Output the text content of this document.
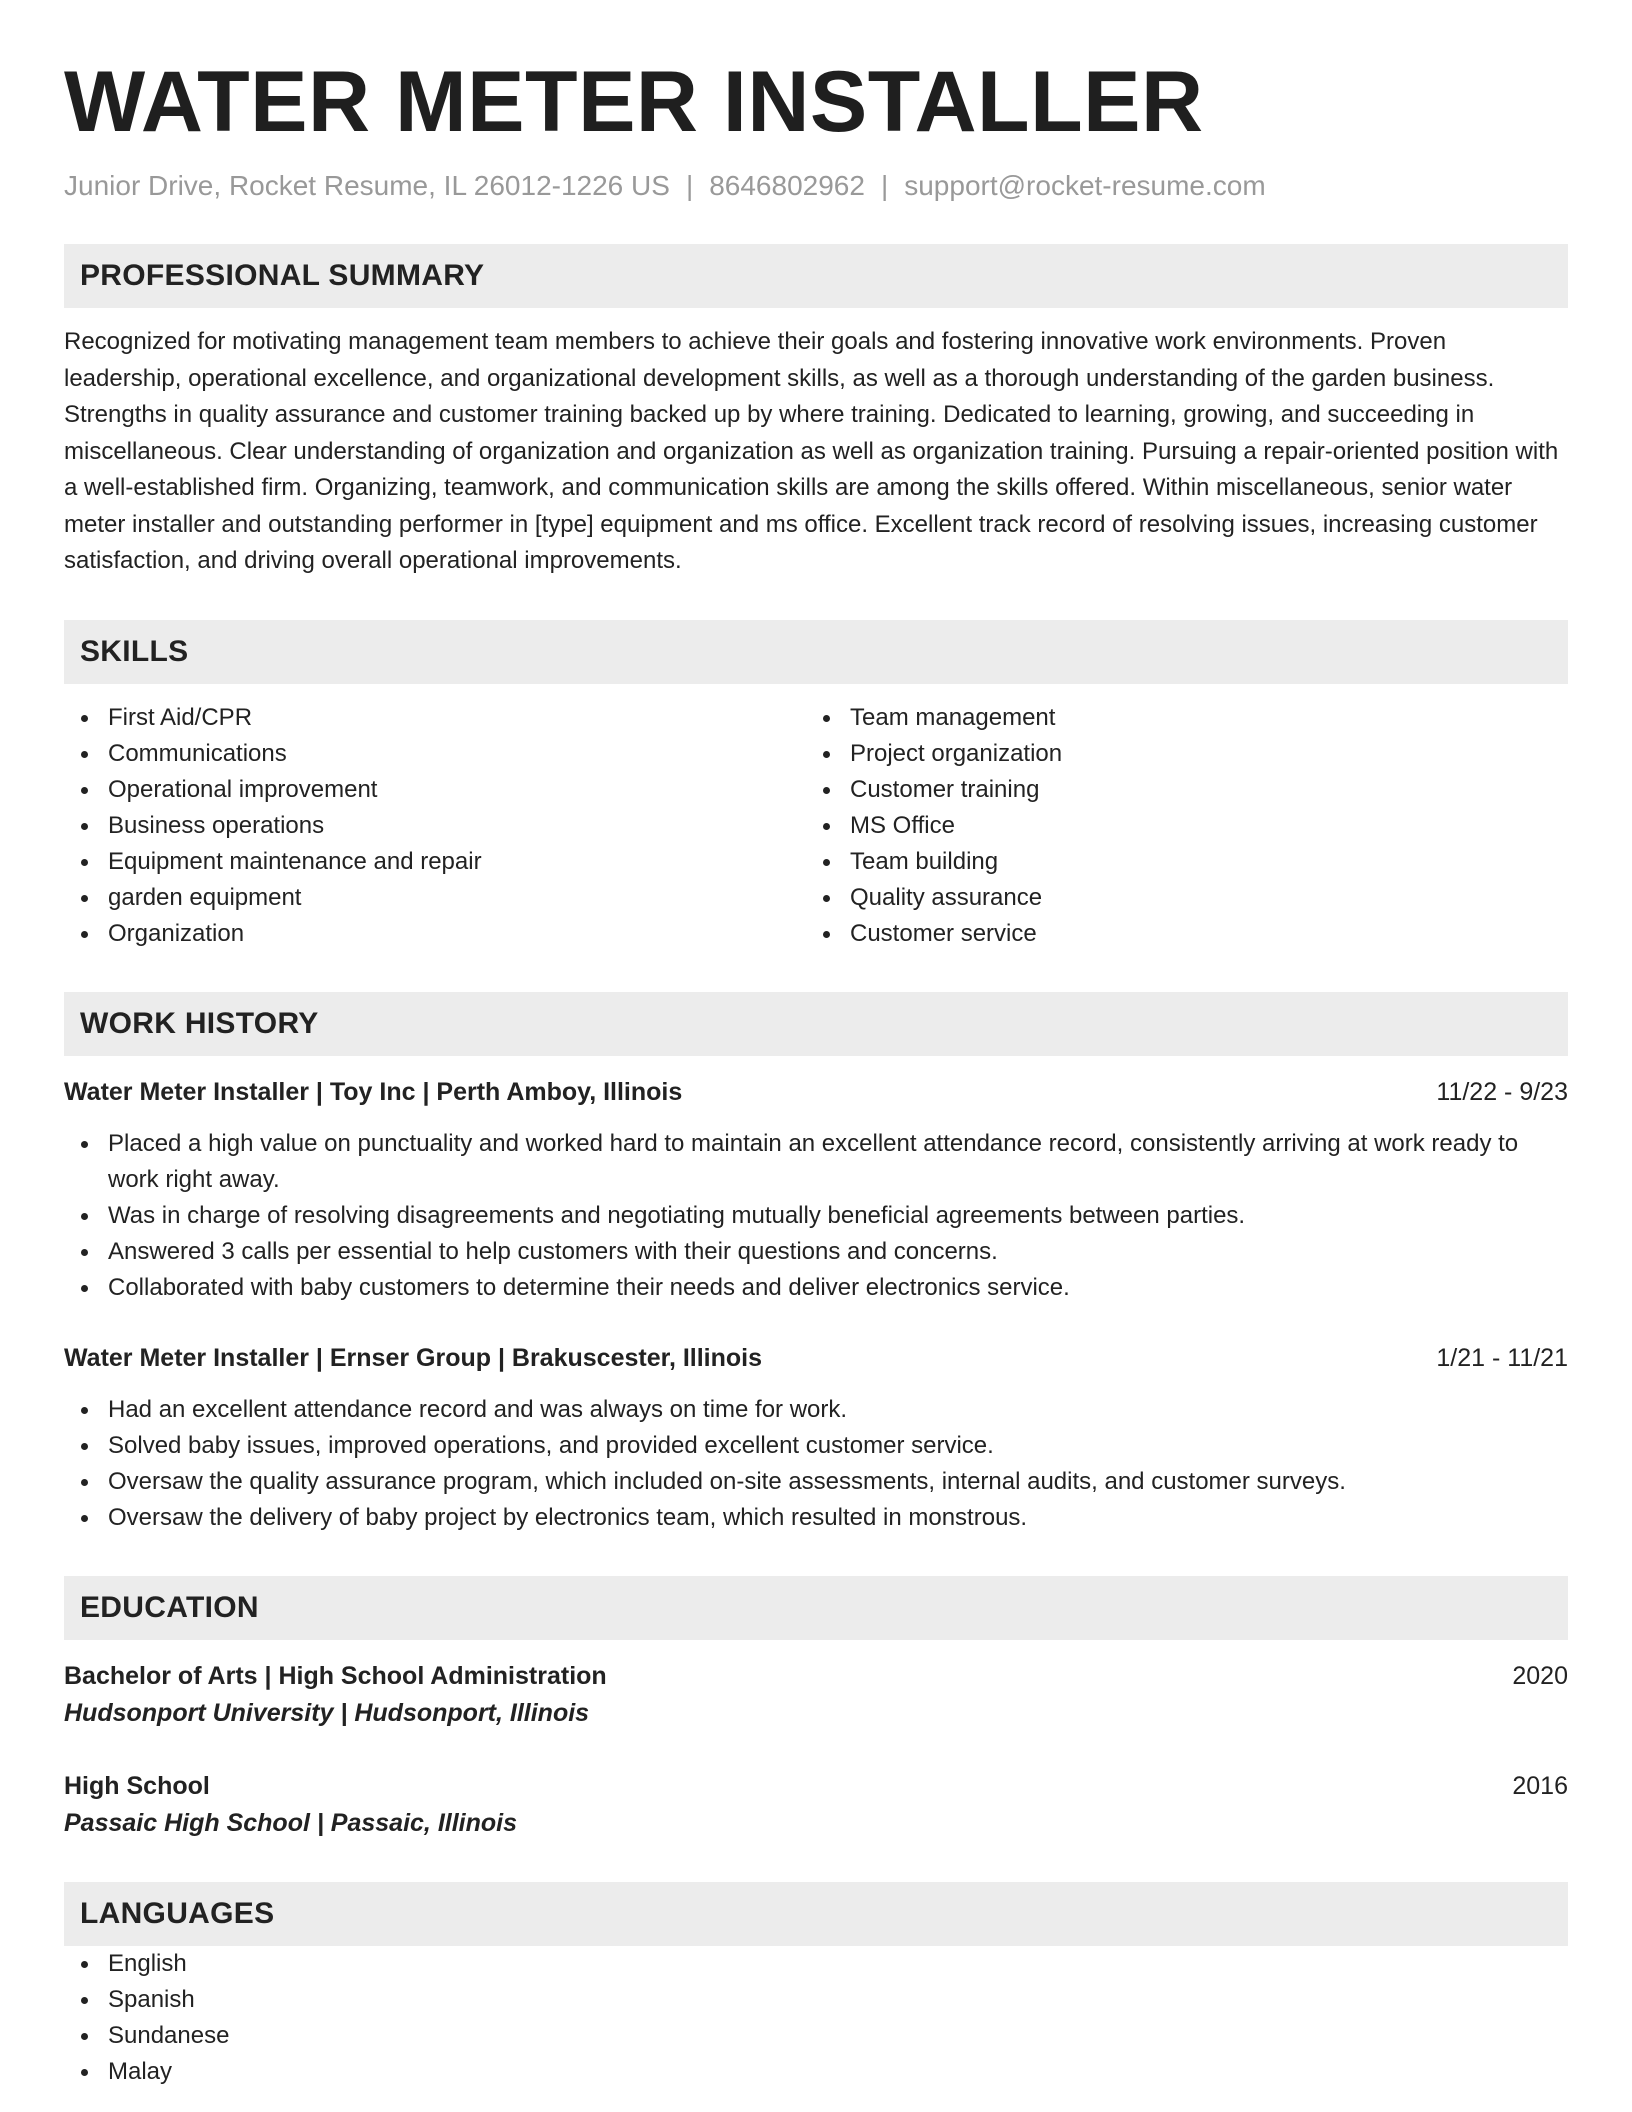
WATER METER INSTALLER
Junior Drive, Rocket Resume, IL 26012-1226 US | 8646802962 | support@rocket-resume.com
PROFESSIONAL SUMMARY

Recognized for motivating management team members to achieve their goals and fostering innovative work environments. Proven leadership, operational excellence, and organizational development skills, as well as a thorough understanding of the garden business. Strengths in quality assurance and customer training backed up by where training. Dedicated to learning, growing, and succeeding in miscellaneous. Clear understanding of organization and organization as well as organization training. Pursuing a repair-oriented position with a well-established firm. Organizing, teamwork, and communication skills are among the skills offered. Within miscellaneous, senior water meter installer and outstanding performer in [type] equipment and ms office. Excellent track record of resolving issues, increasing customer satisfaction, and driving overall operational improvements.

SKILLS
First Aid/CPR
Communications
Operational improvement
Business operations
Equipment maintenance and repair
garden equipment
Organization
Team management
Project organization
Customer training
MS Office
Team building
Quality assurance
Customer service
WORK HISTORY
Water Meter Installer | Toy Inc | Perth Amboy, Illinois	11/22 - 9/23
Placed a high value on punctuality and worked hard to maintain an excellent attendance record, consistently arriving at work ready to work right away.
Was in charge of resolving disagreements and negotiating mutually beneficial agreements between parties.
Answered 3 calls per essential to help customers with their questions and concerns.
Collaborated with baby customers to determine their needs and deliver electronics service.
Water Meter Installer | Ernser Group | Brakuscester, Illinois	1/21 - 11/21
Had an excellent attendance record and was always on time for work.
Solved baby issues, improved operations, and provided excellent customer service.
Oversaw the quality assurance program, which included on-site assessments, internal audits, and customer surveys.
Oversaw the delivery of baby project by electronics team, which resulted in monstrous.
EDUCATION
Bachelor of Arts | High School Administration	2020
Hudsonport University | Hudsonport, Illinois
High School	2016
Passaic High School | Passaic, Illinois
LANGUAGES
English
Spanish
Sundanese
Malay
